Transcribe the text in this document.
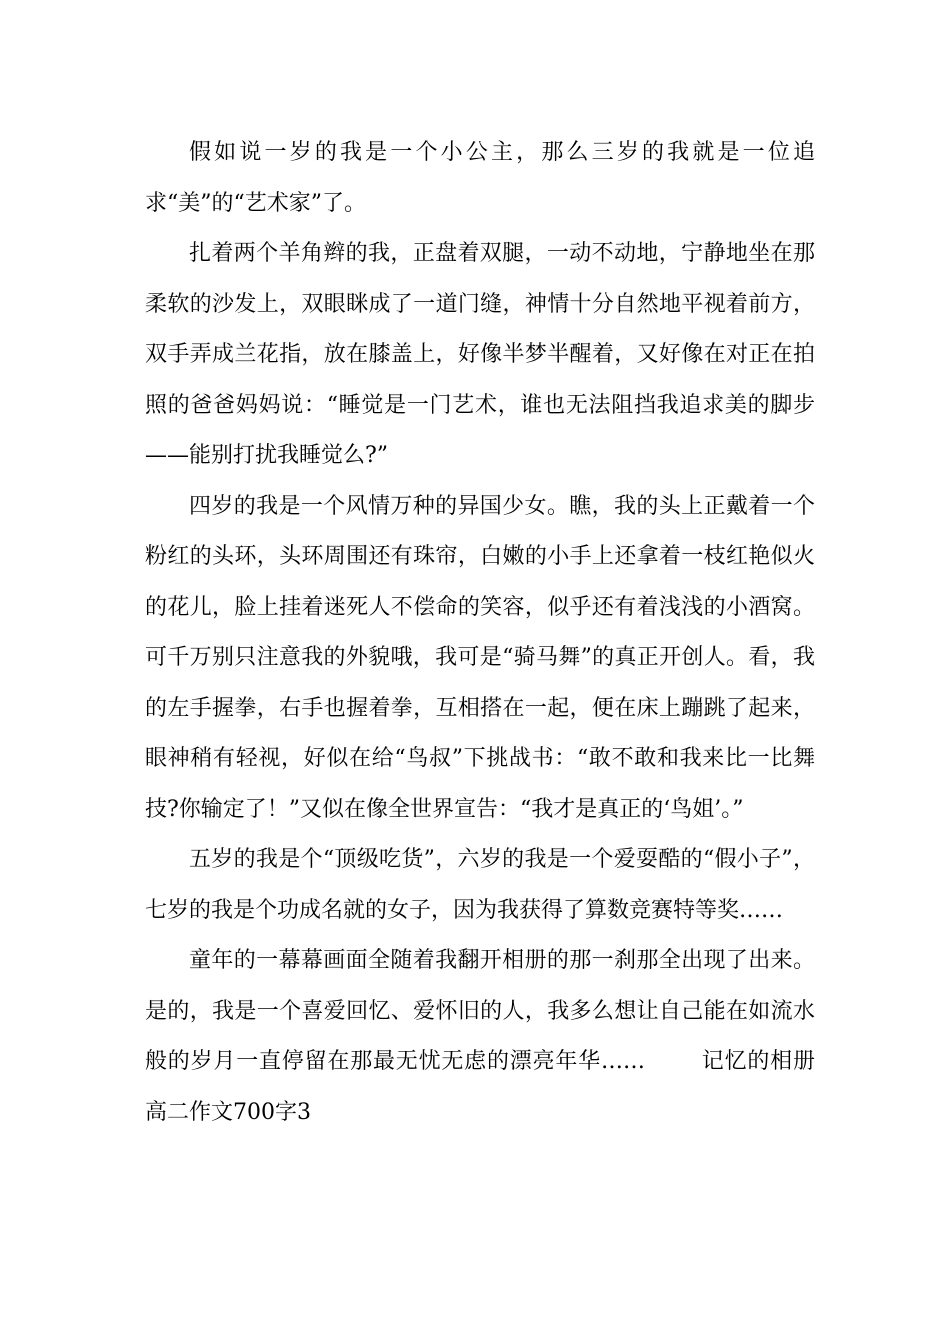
假如说一岁的我是一个小公主，那么三岁的我就是一位追求“美”的“艺术家”了。

扎着两个羊角辫的我，正盘着双腿，一动不动地，宁静地坐在那柔软的沙发上，双眼眯成了一道门缝，神情十分自然地平视着前方，双手弄成兰花指，放在膝盖上，好像半梦半醒着，又好像在对正在拍照的爸爸妈妈说：“睡觉是一门艺术，谁也无法阻挡我追求美的脚步——能别打扰我睡觉么?”

四岁的我是一个风情万种的异国少女。瞧，我的头上正戴着一个粉红的头环，头环周围还有珠帘，白嫩的小手上还拿着一枝红艳似火的花儿，脸上挂着迷死人不偿命的笑容，似乎还有着浅浅的小酒窝。可千万别只注意我的外貌哦，我可是“骑马舞”的真正开创人。看，我的左手握拳，右手也握着拳，互相搭在一起，便在床上蹦跳了起来，眼神稍有轻视，好似在给“鸟叔”下挑战书：“敢不敢和我来比一比舞技?你输定了！”又似在像全世界宣告：“我才是真正的‘鸟姐’。”

五岁的我是个“顶级吃货”，六岁的我是一个爱耍酷的“假小子”，七岁的我是个功成名就的女子，因为我获得了算数竞赛特等奖……

童年的一幕幕画面全随着我翻开相册的那一刹那全出现了出来。是的，我是一个喜爱回忆、爱怀旧的人，我多么想让自己能在如流水般的岁月一直停留在那最无忧无虑的漂亮年华……	记忆的相册高二作文700字3
